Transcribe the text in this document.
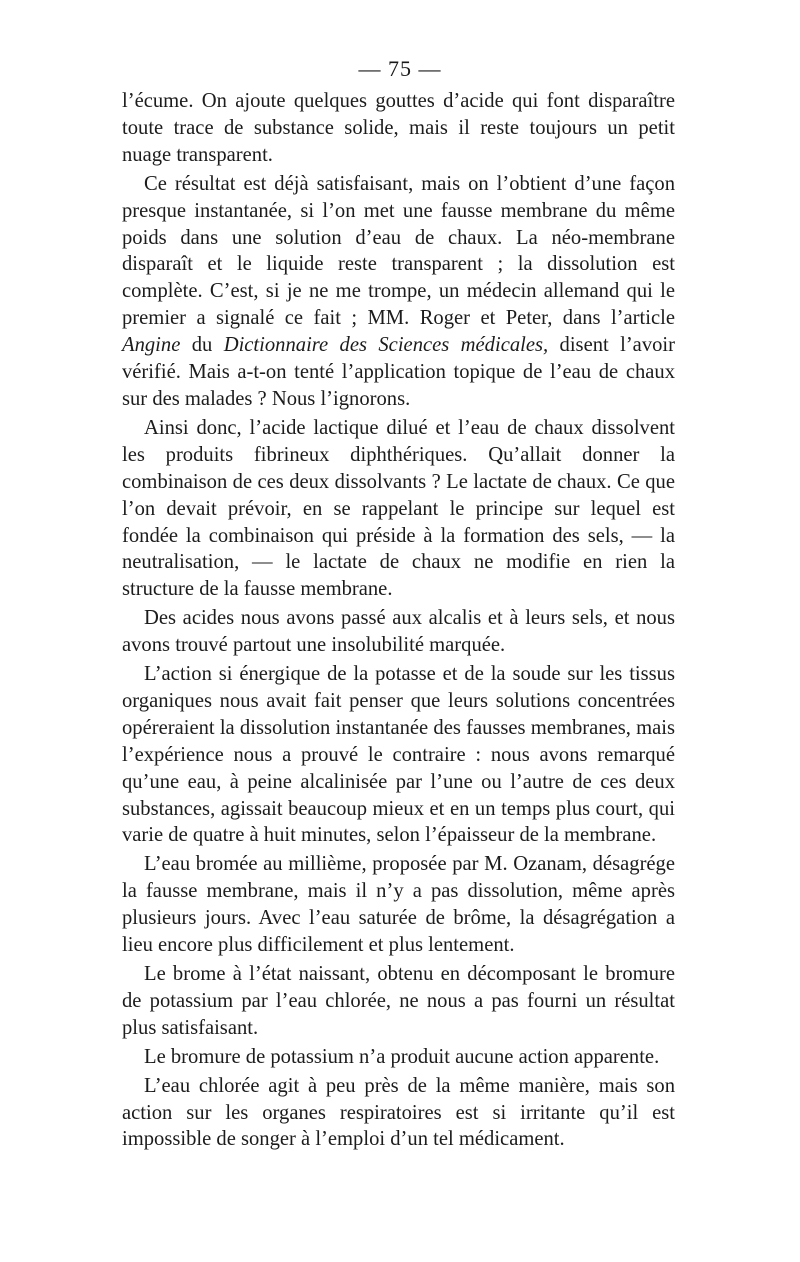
— 75 —

l’écume. On ajoute quelques gouttes d’acide qui font disparaître toute trace de substance solide, mais il reste toujours un petit nuage transparent.

Ce résultat est déjà satisfaisant, mais on l’obtient d’une façon presque instantanée, si l’on met une fausse membrane du même poids dans une solution d’eau de chaux. La néo-membrane disparaît et le liquide reste transparent ; la dissolution est complète. C’est, si je ne me trompe, un médecin allemand qui le premier a signalé ce fait ; MM. Roger et Peter, dans l’article Angine du Dictionnaire des Sciences médicales, disent l’avoir vérifié. Mais a-t-on tenté l’application topique de l’eau de chaux sur des malades ? Nous l’ignorons.

Ainsi donc, l’acide lactique dilué et l’eau de chaux dissolvent les produits fibrineux diphthériques. Qu’allait donner la combinaison de ces deux dissolvants ? Le lactate de chaux. Ce que l’on devait prévoir, en se rappelant le principe sur lequel est fondée la combinaison qui préside à la formation des sels, — la neutralisation, — le lactate de chaux ne modifie en rien la structure de la fausse membrane.

Des acides nous avons passé aux alcalis et à leurs sels, et nous avons trouvé partout une insolubilité marquée.

L’action si énergique de la potasse et de la soude sur les tissus organiques nous avait fait penser que leurs solutions concentrées opéreraient la dissolution instantanée des fausses membranes, mais l’expérience nous a prouvé le contraire : nous avons remarqué qu’une eau, à peine alcalinisée par l’une ou l’autre de ces deux substances, agissait beaucoup mieux et en un temps plus court, qui varie de quatre à huit minutes, selon l’épaisseur de la membrane.

L’eau bromée au millième, proposée par M. Ozanam, désagrége la fausse membrane, mais il n’y a pas dissolution, même après plusieurs jours. Avec l’eau saturée de brôme, la désagrégation a lieu encore plus difficilement et plus lentement.

Le brome à l’état naissant, obtenu en décomposant le bromure de potassium par l’eau chlorée, ne nous a pas fourni un résultat plus satisfaisant.

Le bromure de potassium n’a produit aucune action apparente.

L’eau chlorée agit à peu près de la même manière, mais son action sur les organes respiratoires est si irritante qu’il est impossible de songer à l’emploi d’un tel médicament.
